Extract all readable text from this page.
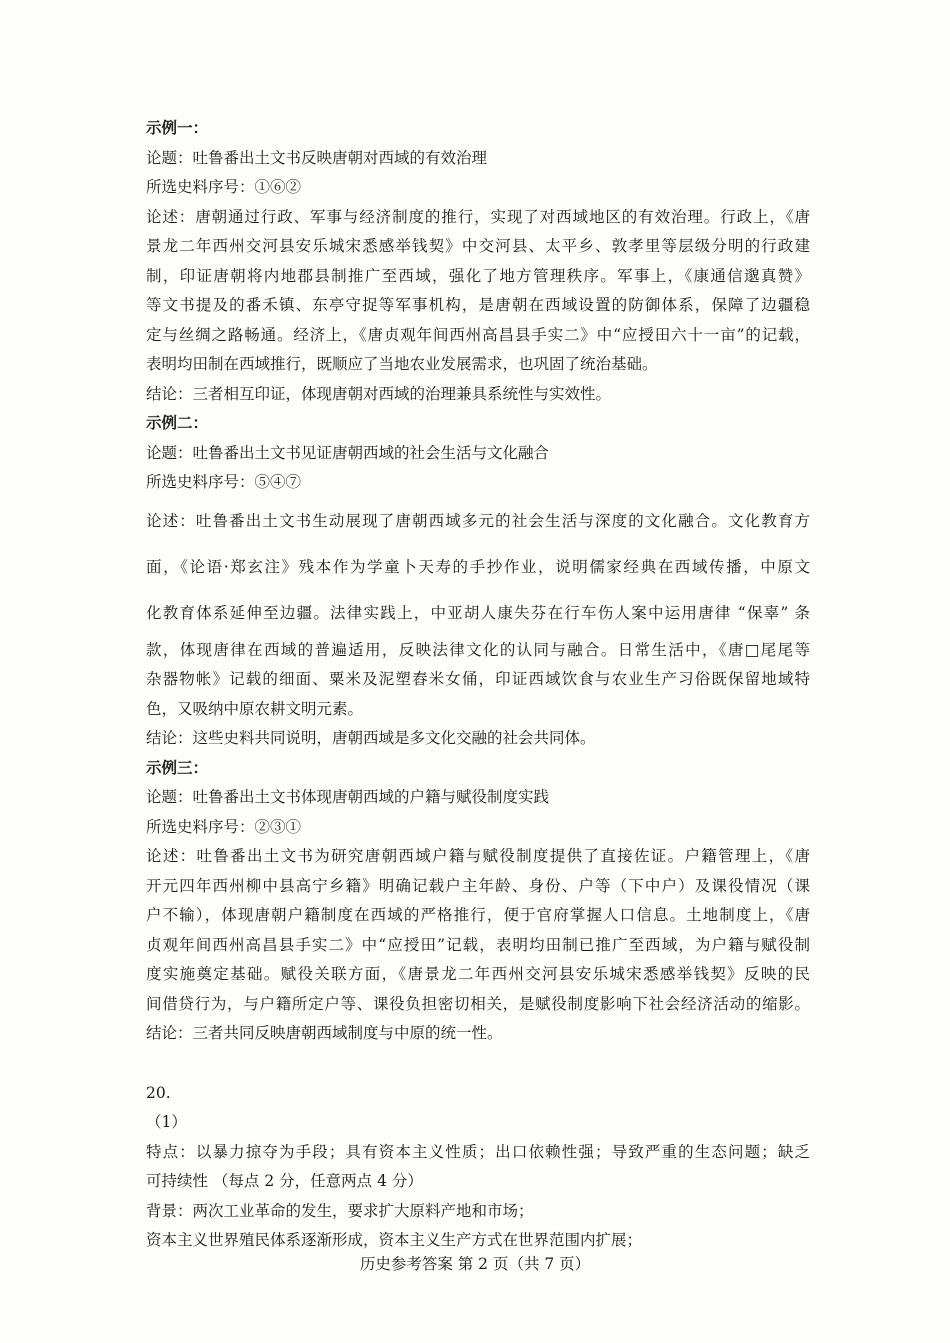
示例一：
论题：吐鲁番出土文书反映唐朝对西域的有效治理
所选史料序号：①⑥②
论述：唐朝通过行政、军事与经济制度的推行，实现了对西域地区的有效治理。行政上，《唐
景龙二年西州交河县安乐城宋悉感举钱契》中交河县、太平乡、敦孝里等层级分明的行政建
制，印证唐朝将内地郡县制推广至西域，强化了地方管理秩序。军事上，《康通信邈真赞》
等文书提及的番禾镇、东亭守捉等军事机构，是唐朝在西域设置的防御体系，保障了边疆稳
定与丝绸之路畅通。经济上，《唐贞观年间西州高昌县手实二》中“应授田六十一亩”的记载，
表明均田制在西域推行，既顺应了当地农业发展需求，也巩固了统治基础。
结论：三者相互印证，体现唐朝对西域的治理兼具系统性与实效性。
示例二：
论题：吐鲁番出土文书见证唐朝西域的社会生活与文化融合
所选史料序号：⑤④⑦
论述：吐鲁番出土文书生动展现了唐朝西域多元的社会生活与深度的文化融合。文化教育方
面，《论语·郑玄注》残本作为学童卜天寿的手抄作业，说明儒家经典在西域传播，中原文
化教育体系延伸至边疆。法律实践上，中亚胡人康失芬在行车伤人案中运用唐律 “保辜” 条
款，体现唐律在西域的普遍适用，反映法律文化的认同与融合。日常生活中，《唐□尾尾等
杂器物帐》记载的细面、粟米及泥塑舂米女俑，印证西域饮食与农业生产习俗既保留地域特
色，又吸纳中原农耕文明元素。
结论：这些史料共同说明，唐朝西域是多文化交融的社会共同体。
示例三：
论题：吐鲁番出土文书体现唐朝西域的户籍与赋役制度实践
所选史料序号：②③①
论述：吐鲁番出土文书为研究唐朝西域户籍与赋役制度提供了直接佐证。户籍管理上，《唐
开元四年西州柳中县高宁乡籍》明确记载户主年龄、身份、户等（下中户）及课役情况（课
户不输），体现唐朝户籍制度在西域的严格推行，便于官府掌握人口信息。土地制度上，《唐
贞观年间西州高昌县手实二》中“应授田”记载，表明均田制已推广至西域，为户籍与赋役制
度实施奠定基础。赋役关联方面，《唐景龙二年西州交河县安乐城宋悉感举钱契》反映的民
间借贷行为，与户籍所定户等、课役负担密切相关，是赋役制度影响下社会经济活动的缩影。
结论：三者共同反映唐朝西域制度与中原的统一性。
20.
（1）
特点：以暴力掠夺为手段；具有资本主义性质；出口依赖性强；导致严重的生态问题；缺乏
可持续性 （每点 2 分，任意两点 4 分）
背景：两次工业革命的发生，要求扩大原料产地和市场；
资本主义世界殖民体系逐渐形成，资本主义生产方式在世界范围内扩展；
历史参考答案 第 2 页（共 7 页）
